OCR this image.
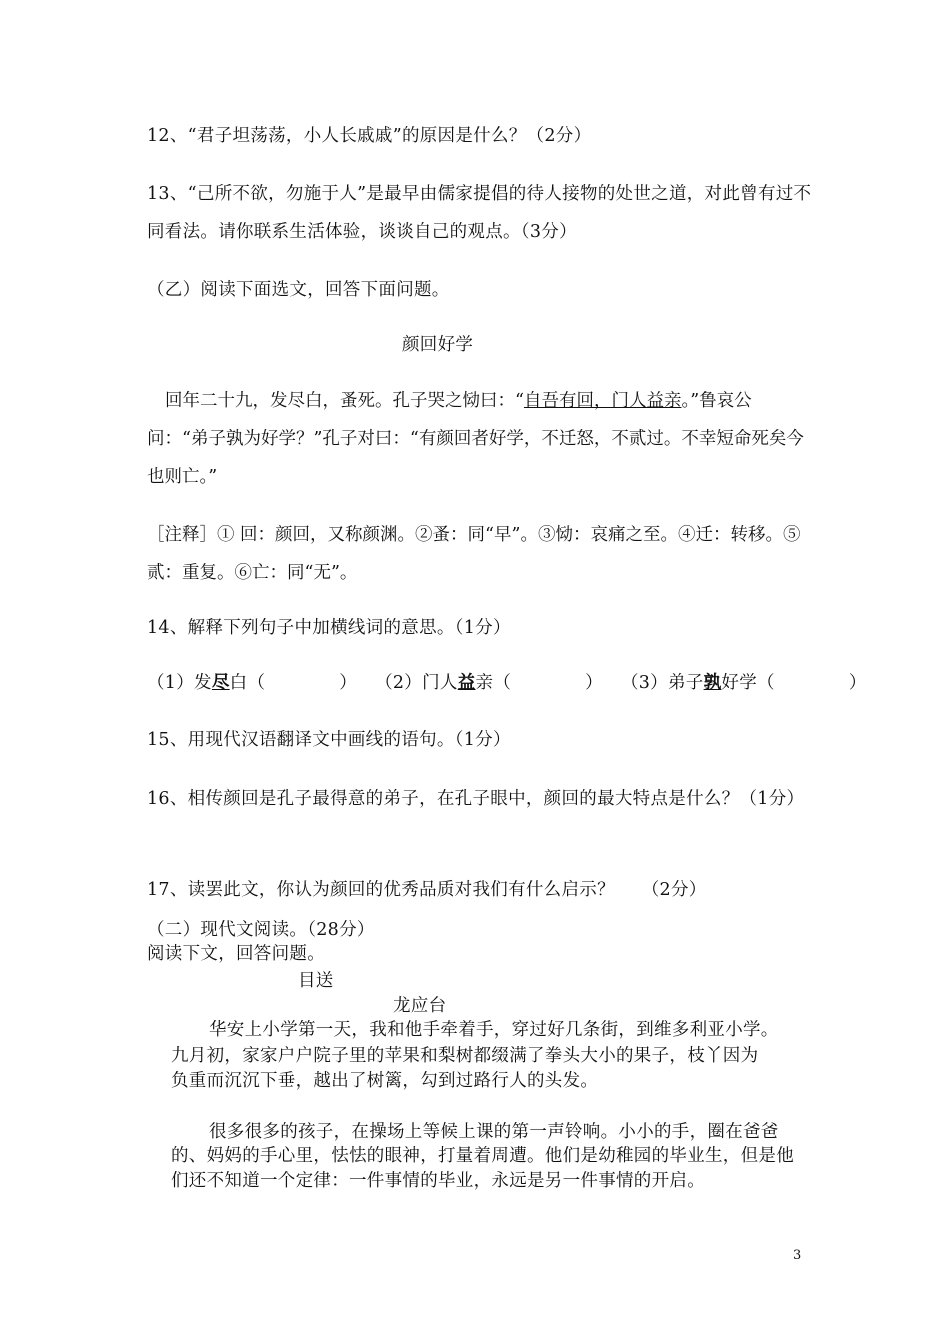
12、“君子坦荡荡，小人长戚戚”的原因是什么？（2分）
13、“己所不欲，勿施于人”是最早由儒家提倡的待人接物的处世之道，对此曾有过不同看法。请你联系生活体验，谈谈自己的观点。（3分）
（乙）阅读下面选文，回答下面问题。
颜回好学
回年二十九，发尽白，蚤死。孔子哭之恸曰：“自吾有回，门人益亲。”鲁哀公问：“弟子孰为好学？”孔子对曰：“有颜回者好学，不迁怒，不贰过。不幸短命死矣今也则亡。”
［注释］① 回：颜回，又称颜渊。②蚤：同“早”。③恸：哀痛之至。④迁：转移。⑤贰：重复。⑥亡：同“无”。
14、解释下列句子中加横线词的意思。（1分）
（1）发尽白（	） （2）门人益亲（	） （3）弟子孰好学（	）
15、用现代汉语翻译文中画线的语句。（1分）
16、相传颜回是孔子最得意的弟子，在孔子眼中，颜回的最大特点是什么？（1分）
17、读罢此文，你认为颜回的优秀品质对我们有什么启示？　　（2分）
（二）现代文阅读。（28分）
阅读下文，回答问题。
目送
龙应台
华安上小学第一天，我和他手牵着手，穿过好几条街，到维多利亚小学。
九月初，家家户户院子里的苹果和梨树都缀满了拳头大小的果子，枝丫因为
负重而沉沉下垂，越出了树篱，勾到过路行人的头发。
很多很多的孩子，在操场上等候上课的第一声铃响。小小的手，圈在爸爸
的、妈妈的手心里，怯怯的眼神，打量着周遭。他们是幼稚园的毕业生，但是他
们还不知道一个定律：一件事情的毕业，永远是另一件事情的开启。
3
